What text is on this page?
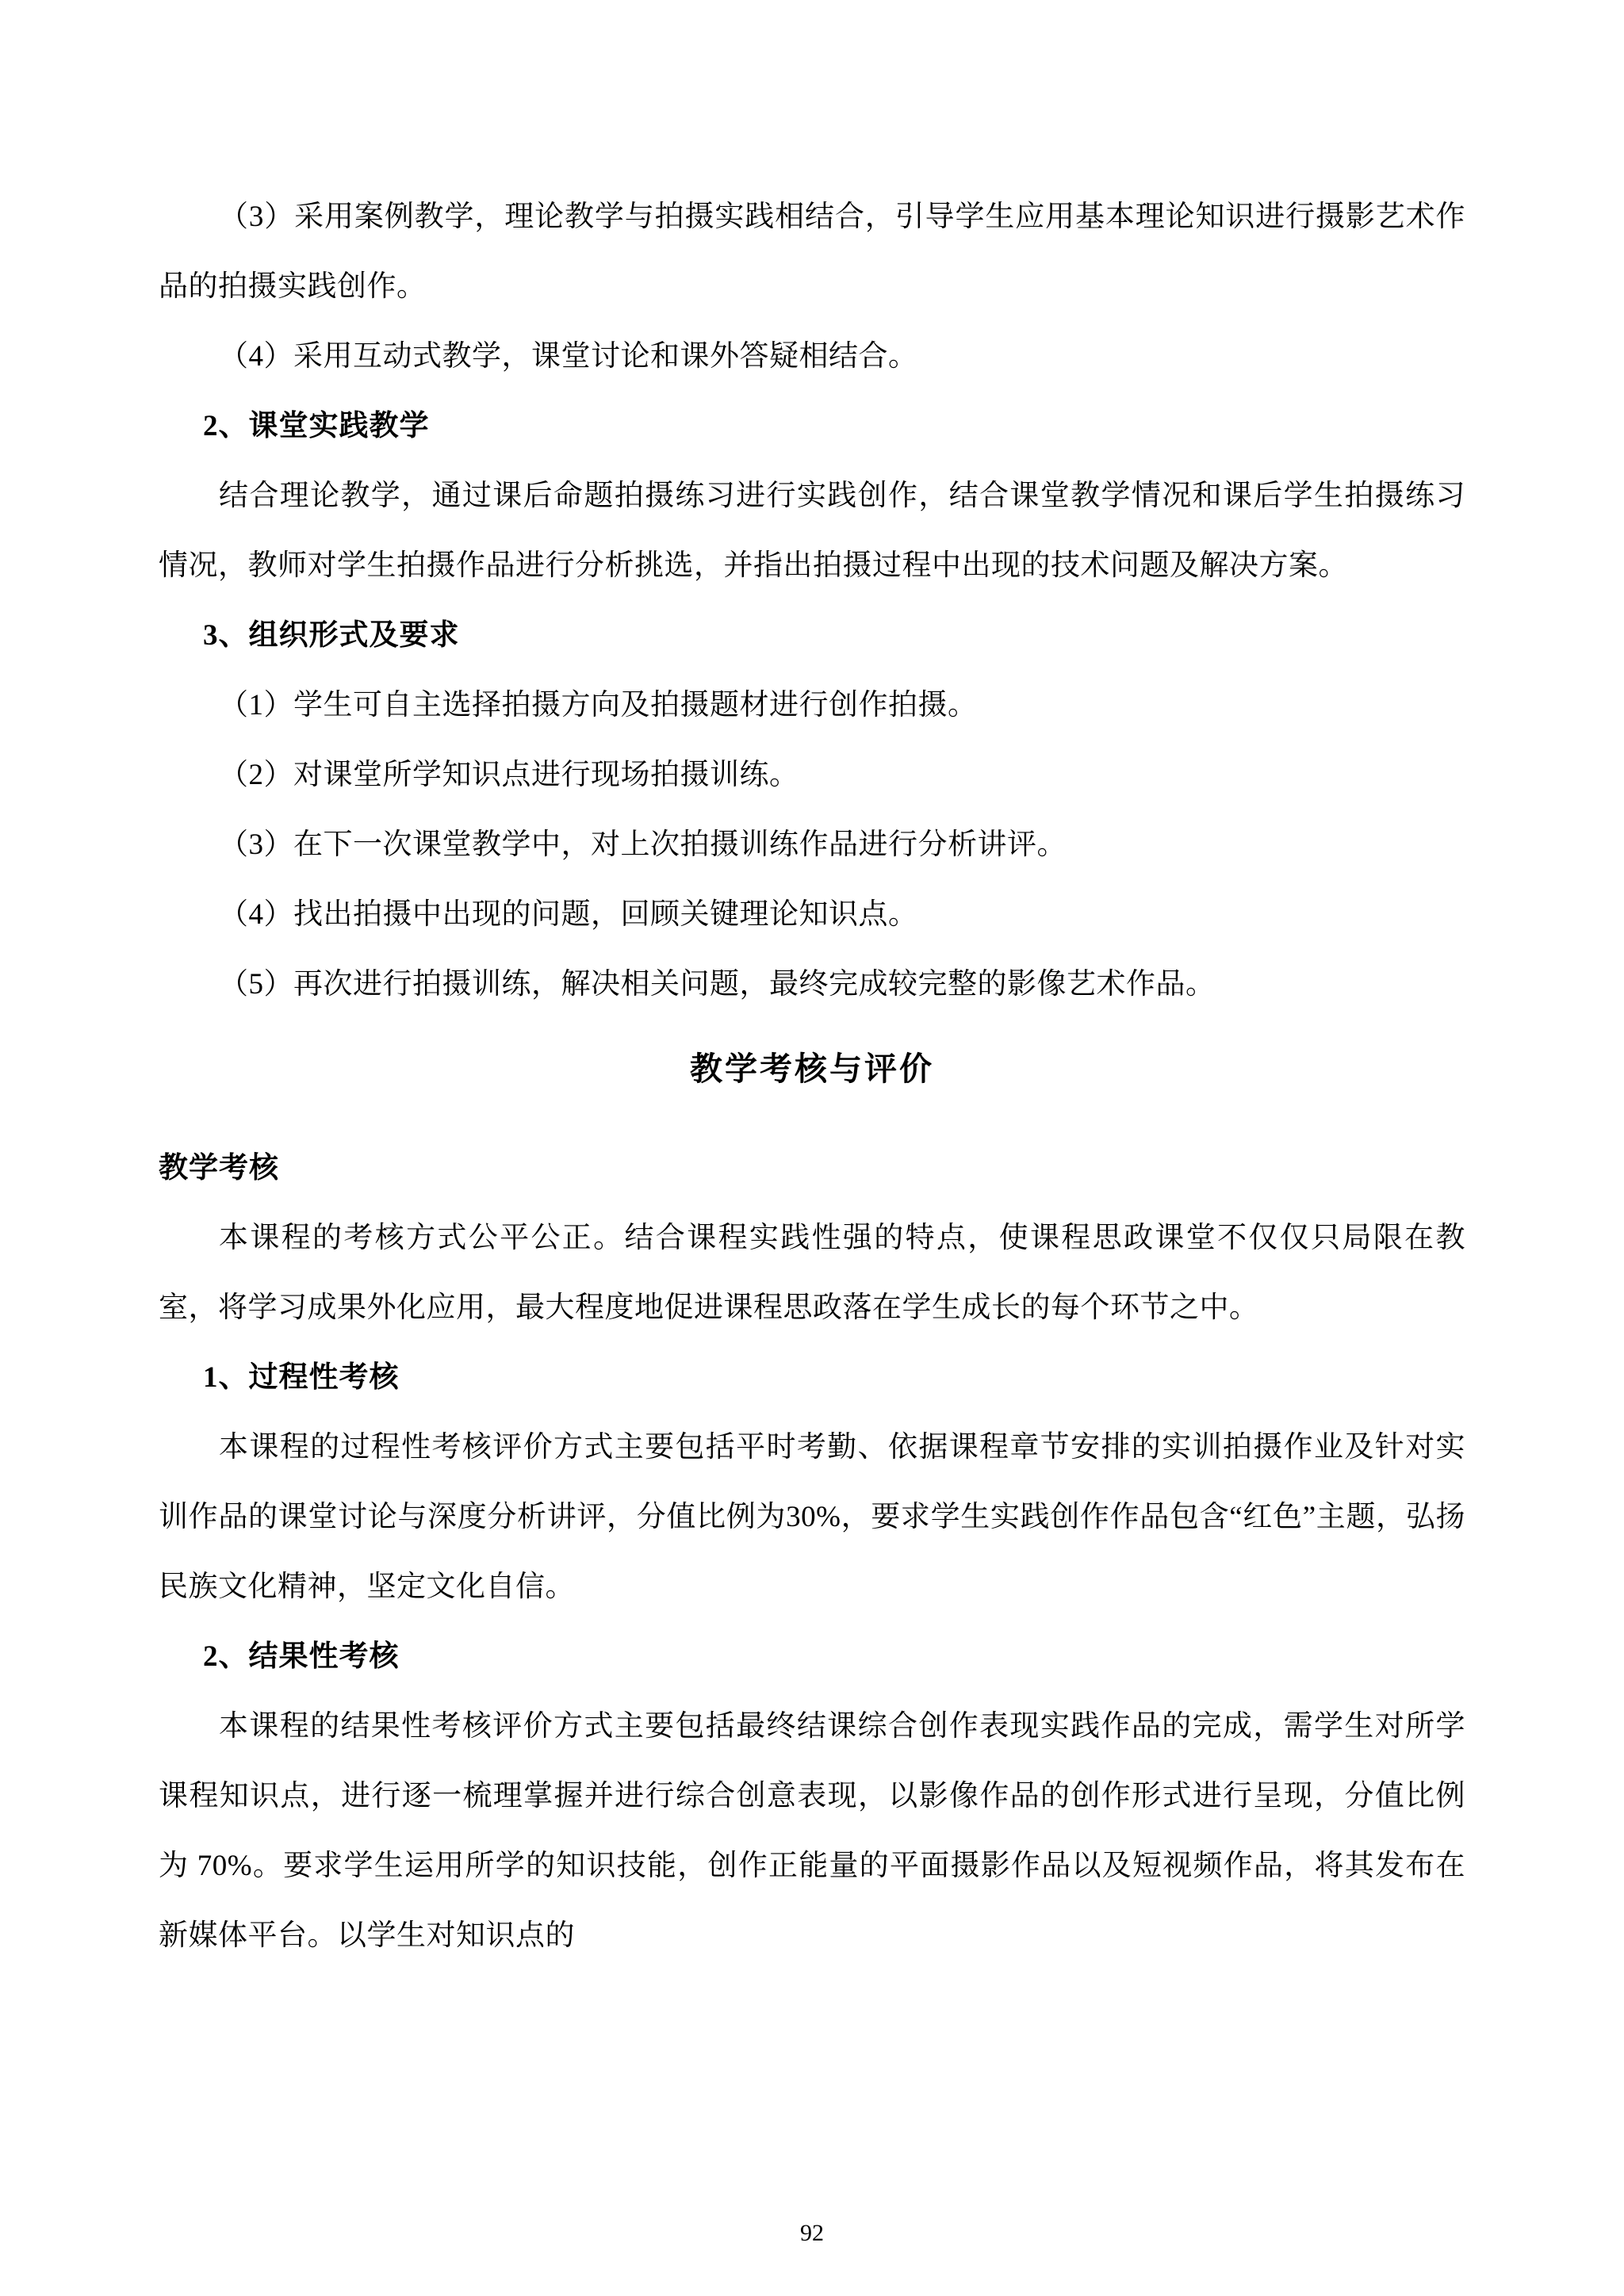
（3）采用案例教学，理论教学与拍摄实践相结合，引导学生应用基本理论知识进行摄影艺术作品的拍摄实践创作。

（4）采用互动式教学，课堂讨论和课外答疑相结合。

2、课堂实践教学

结合理论教学，通过课后命题拍摄练习进行实践创作，结合课堂教学情况和课后学生拍摄练习情况，教师对学生拍摄作品进行分析挑选，并指出拍摄过程中出现的技术问题及解决方案。

3、组织形式及要求

（1）学生可自主选择拍摄方向及拍摄题材进行创作拍摄。

（2）对课堂所学知识点进行现场拍摄训练。

（3）在下一次课堂教学中，对上次拍摄训练作品进行分析讲评。

（4）找出拍摄中出现的问题，回顾关键理论知识点。

（5）再次进行拍摄训练，解决相关问题，最终完成较完整的影像艺术作品。

教学考核与评价

教学考核

本课程的考核方式公平公正。结合课程实践性强的特点，使课程思政课堂不仅仅只局限在教室，将学习成果外化应用，最大程度地促进课程思政落在学生成长的每个环节之中。

1、过程性考核

本课程的过程性考核评价方式主要包括平时考勤、依据课程章节安排的实训拍摄作业及针对实训作品的课堂讨论与深度分析讲评，分值比例为30%，要求学生实践创作作品包含“红色”主题，弘扬民族文化精神，坚定文化自信。

2、结果性考核

本课程的结果性考核评价方式主要包括最终结课综合创作表现实践作品的完成，需学生对所学课程知识点，进行逐一梳理掌握并进行综合创意表现，以影像作品的创作形式进行呈现，分值比例为 70%。要求学生运用所学的知识技能，创作正能量的平面摄影作品以及短视频作品，将其发布在新媒体平台。以学生对知识点的

92
